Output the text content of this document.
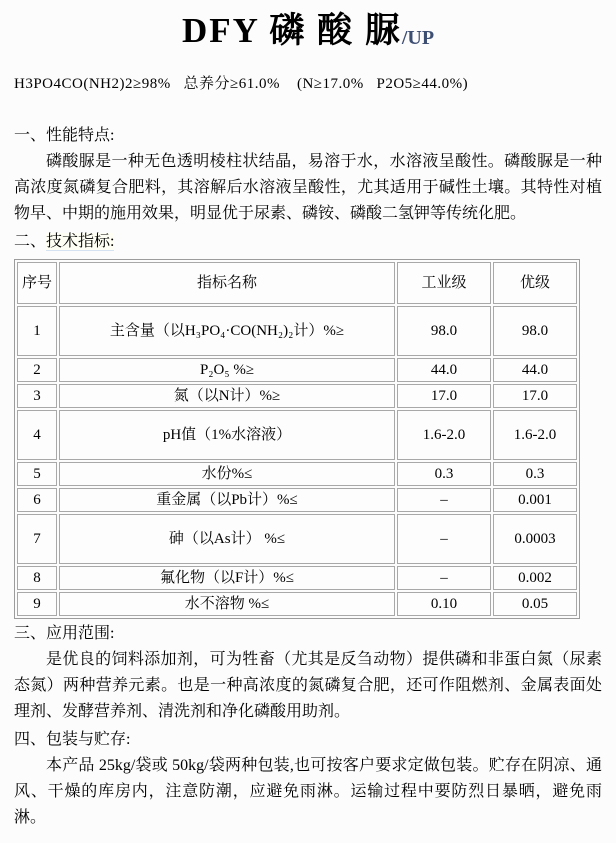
DFY 磷 酸 脲/UP

H3PO4CO(NH2)2≥98%   总养分≥61.0%    (N≥17.0%   P2O5≥44.0%)

一、性能特点:

磷酸脲是一种无色透明棱柱状结晶，易溶于水，水溶液呈酸性。磷酸脲是一种高浓度氮磷复合肥料，其溶解后水溶液呈酸性，尤其适用于碱性土壤。其特性对植物早、中期的施用效果，明显优于尿素、磷铵、磷酸二氢钾等传统化肥。

二、技术指标:

序号	指标名称	工业级	优级
1	主含量（以H₃PO₄·CO(NH₂)₂计）%≥	98.0	98.0
2	P₂O₅ %≥	44.0	44.0
3	氮（以N计）%≥	17.0	17.0
4	pH值（1%水溶液）	1.6-2.0	1.6-2.0
5	水份%≤	0.3	0.3
6	重金属（以Pb计）%≤	–	0.001
7	砷（以As计） %≤	–	0.0003
8	氟化物（以F计）%≤	–	0.002
9	水不溶物 %≤	0.10	0.05

三、应用范围:

是优良的饲料添加剂，可为牲畜（尤其是反刍动物）提供磷和非蛋白氮（尿素态氮）两种营养元素。也是一种高浓度的氮磷复合肥，还可作阻燃剂、金属表面处理剂、发酵营养剂、清洗剂和净化磷酸用助剂。

四、包装与贮存:

本产品 25kg/袋或 50kg/袋两种包装,也可按客户要求定做包装。贮存在阴凉、通风、干燥的库房内，注意防潮，应避免雨淋。运输过程中要防烈日暴晒，避免雨淋。
